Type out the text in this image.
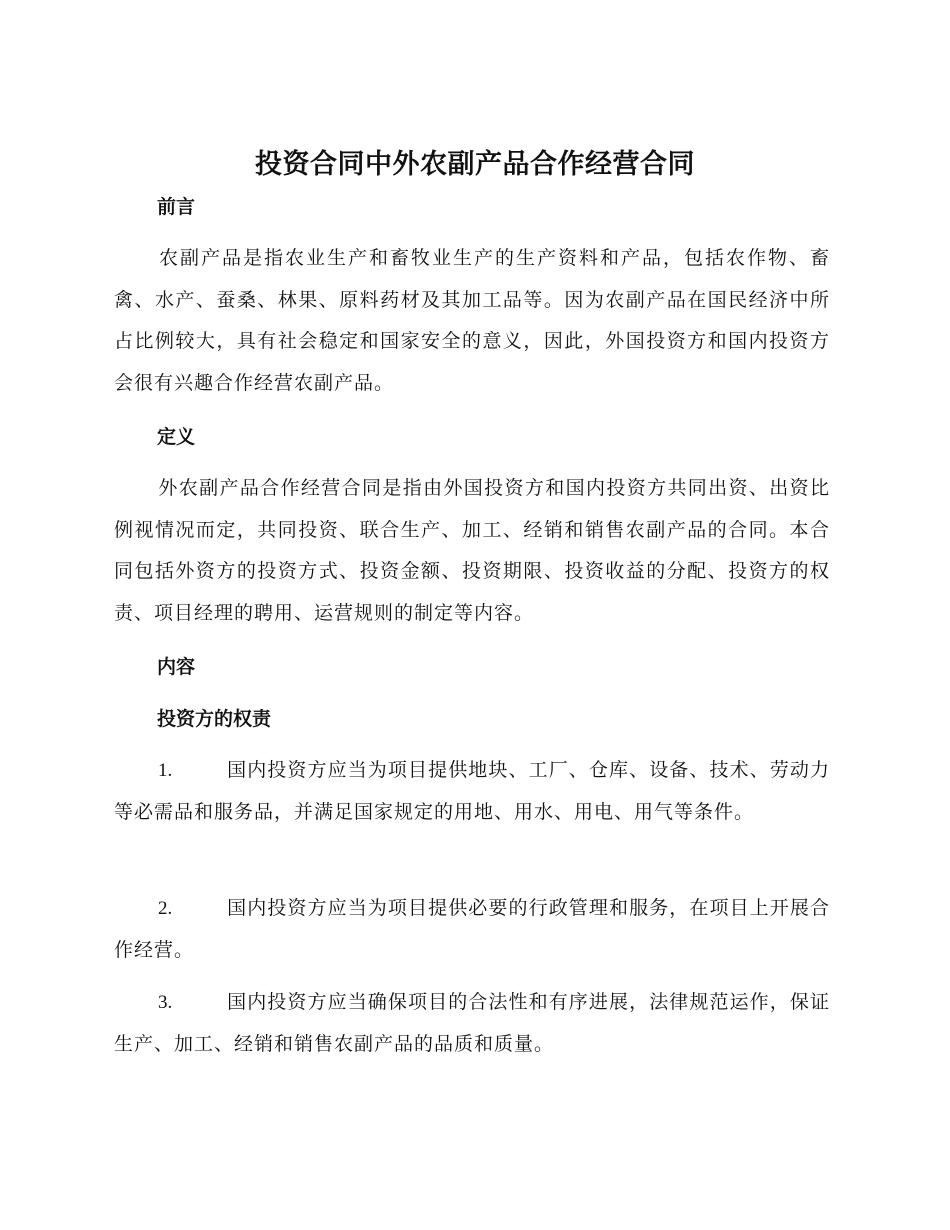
投资合同中外农副产品合作经营合同
前言

农副产品是指农业生产和畜牧业生产的生产资料和产品，包括农作物、畜禽、水产、蚕桑、林果、原料药材及其加工品等。因为农副产品在国民经济中所占比例较大，具有社会稳定和国家安全的意义，因此，外国投资方和国内投资方会很有兴趣合作经营农副产品。

定义

外农副产品合作经营合同是指由外国投资方和国内投资方共同出资、出资比例视情况而定，共同投资、联合生产、加工、经销和销售农副产品的合同。本合同包括外资方的投资方式、投资金额、投资期限、投资收益的分配、投资方的权责、项目经理的聘用、运营规则的制定等内容。

内容
投资方的权责

1.	国内投资方应当为项目提供地块、工厂、仓库、设备、技术、劳动力等必需品和服务品，并满足国家规定的用地、用水、用电、用气等条件。

2.	国内投资方应当为项目提供必要的行政管理和服务，在项目上开展合作经营。

3.	国内投资方应当确保项目的合法性和有序进展，法律规范运作，保证生产、加工、经销和销售农副产品的品质和质量。
